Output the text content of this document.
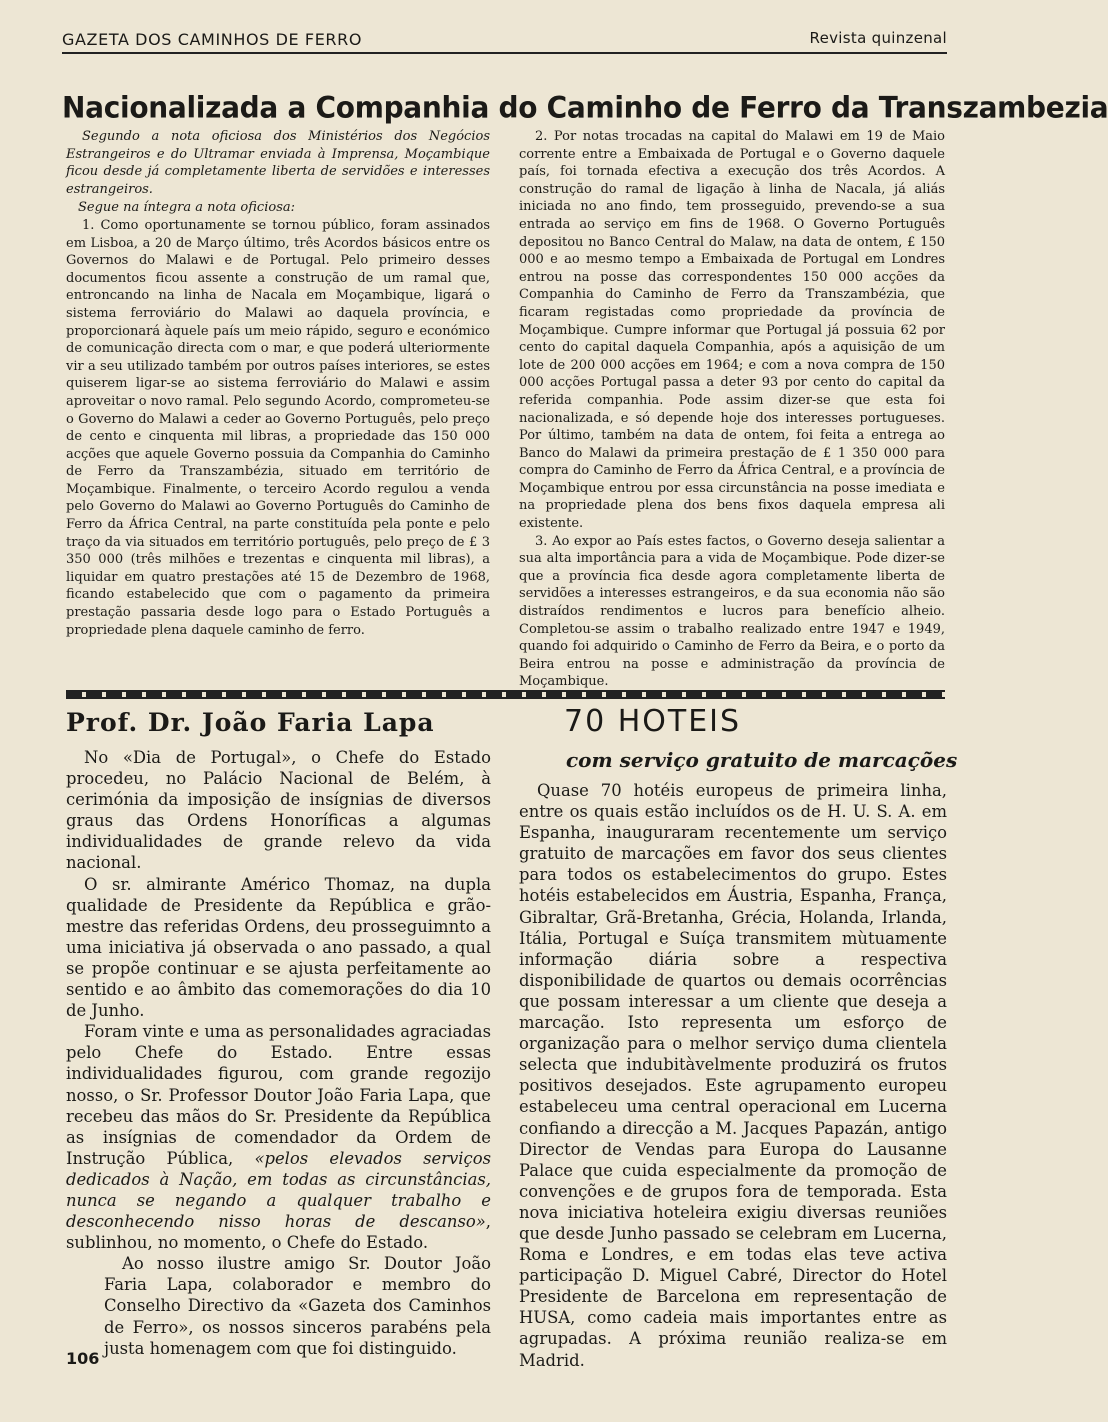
GAZETA DOS CAMINHOS DE FERRO	Revista quinzenal
Nacionalizada a Companhia do Caminho de Ferro da Transzambezia

Segundo a nota oficiosa dos Ministérios dos Negócios Estrangeiros e do Ultramar enviada à Imprensa, Moçambique ficou desde já completamente liberta de servidões e interesses estrangeiros.

Segue na íntegra a nota oficiosa:

1. Como oportunamente se tornou público, foram assinados em Lisboa, a 20 de Março último, três Acordos básicos entre os Governos do Malawi e de Portugal. Pelo primeiro desses documentos ficou assente a construção de um ramal que, entroncando na linha de Nacala em Moçambique, ligará o sistema ferroviário do Malawi ao daquela província, e proporcionará àquele país um meio rápido, seguro e económico de comunicação directa com o mar, e que poderá ulteriormente vir a seu utilizado também por outros países interiores, se estes quiserem ligar-se ao sistema ferroviário do Malawi e assim aproveitar o novo ramal. Pelo segundo Acordo, comprometeu-se o Governo do Malawi a ceder ao Governo Português, pelo preço de cento e cinquenta mil libras, a propriedade das 150 000 acções que aquele Governo possuia da Companhia do Caminho de Ferro da Transzambézia, situado em território de Moçambique. Finalmente, o terceiro Acordo regulou a venda pelo Governo do Malawi ao Governo Português do Caminho de Ferro da África Central, na parte constituída pela ponte e pelo traço da via situados em território português, pelo preço de £ 3 350 000 (três milhões e trezentas e cinquenta mil libras), a liquidar em quatro prestações até 15 de Dezembro de 1968, ficando estabelecido que com o pagamento da primeira prestação passaria desde logo para o Estado Português a propriedade plena daquele caminho de ferro.

2. Por notas trocadas na capital do Malawi em 19 de Maio corrente entre a Embaixada de Portugal e o Governo daquele país, foi tornada efectiva a execução dos três Acordos. A construção do ramal de ligação à linha de Nacala, já aliás iniciada no ano findo, tem prosseguido, prevendo-se a sua entrada ao serviço em fins de 1968. O Governo Português depositou no Banco Central do Malaw, na data de ontem, £ 150 000 e ao mesmo tempo a Embaixada de Portugal em Londres entrou na posse das correspondentes 150 000 acções da Companhia do Caminho de Ferro da Transzambézia, que ficaram registadas como propriedade da província de Moçambique. Cumpre informar que Portugal já possuia 62 por cento do capital daquela Companhia, após a aquisição de um lote de 200 000 acções em 1964; e com a nova compra de 150 000 acções Portugal passa a deter 93 por cento do capital da referida companhia. Pode assim dizer-se que esta foi nacionalizada, e só depende hoje dos interesses portugueses. Por último, também na data de ontem, foi feita a entrega ao Banco do Malawi da primeira prestação de £ 1 350 000 para compra do Caminho de Ferro da África Central, e a província de Moçambique entrou por essa circunstância na posse imediata e na propriedade plena dos bens fixos daquela empresa ali existente.

3. Ao expor ao País estes factos, o Governo deseja salientar a sua alta importância para a vida de Moçambique. Pode dizer-se que a província fica desde agora completamente liberta de servidões a interesses estrangeiros, e da sua economia não são distraídos rendimentos e lucros para benefício alheio. Completou-se assim o trabalho realizado entre 1947 e 1949, quando foi adquirido o Caminho de Ferro da Beira, e o porto da Beira entrou na posse e administração da província de Moçambique.

Prof. Dr. João Faria Lapa

No «Dia de Portugal», o Chefe do Estado procedeu, no Palácio Nacional de Belém, à cerimónia da imposição de insígnias de diversos graus das Ordens Honoríficas a algumas individualidades de grande relevo da vida nacional.

O sr. almirante Américo Thomaz, na dupla qualidade de Presidente da República e grão-mestre das referidas Ordens, deu prosseguimnto a uma iniciativa já observada o ano passado, a qual se propõe continuar e se ajusta perfeitamente ao sentido e ao âmbito das comemorações do dia 10 de Junho.

Foram vinte e uma as personalidades agraciadas pelo Chefe do Estado. Entre essas individualidades figurou, com grande regozijo nosso, o Sr. Professor Doutor João Faria Lapa, que recebeu das mãos do Sr. Presidente da República as insígnias de comendador da Ordem de Instrução Pública, «pelos elevados serviços dedicados à Nação, em todas as circunstâncias, nunca se negando a qualquer trabalho e desconhecendo nisso horas de descanso», sublinhou, no momento, o Chefe do Estado.

Ao nosso ilustre amigo Sr. Doutor João Faria Lapa, colaborador e membro do Conselho Directivo da «Gazeta dos Caminhos de Ferro», os nossos sinceros parabéns pela justa homenagem com que foi distinguido.

70 HOTEIS
com serviço gratuito de marcações

Quase 70 hotéis europeus de primeira linha, entre os quais estão incluídos os de H. U. S. A. em Espanha, inauguraram recentemente um serviço gratuito de marcações em favor dos seus clientes para todos os estabelecimentos do grupo. Estes hotéis estabelecidos em Áustria, Espanha, França, Gibraltar, Grã-Bretanha, Grécia, Holanda, Irlanda, Itália, Portugal e Suíça transmitem mùtuamente informação diária sobre a respectiva disponibilidade de quartos ou demais ocorrências que possam interessar a um cliente que deseja a marcação. Isto representa um esforço de organização para o melhor serviço duma clientela selecta que indubitàvelmente produzirá os frutos positivos desejados. Este agrupamento europeu estabeleceu uma central operacional em Lucerna confiando a direcção a M. Jacques Papazán, antigo Director de Vendas para Europa do Lausanne Palace que cuida especialmente da promoção de convenções e de grupos fora de temporada. Esta nova iniciativa hoteleira exigiu diversas reuniões que desde Junho passado se celebram em Lucerna, Roma e Londres, e em todas elas teve activa participação D. Miguel Cabré, Director do Hotel Presidente de Barcelona em representação de HUSA, como cadeia mais importantes entre as agrupadas. A próxima reunião realiza-se em Madrid.

106
